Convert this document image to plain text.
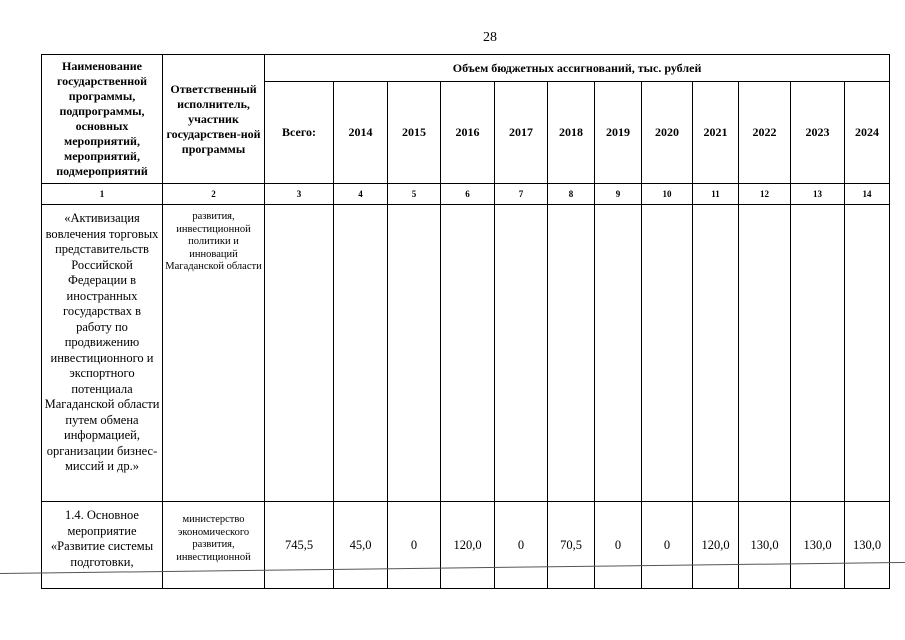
28
Наименование государственной программы, подпрограммы, основных мероприятий, мероприятий, подмероприятий	Ответственный исполнитель, участник государствен-ной программы	Объем бюджетных ассигнований, тыс. рублей											
		Всего:	2014	2015	2016	2017	2018	2019	2020	2021	2022	2023	2024
1	2	3	4	5	6	7	8	9	10	11	12	13	14
«Активизация вовлечения торговых представительств Российской Федерации в иностранных государствах в работу по продвижению инвестиционного и экспортного потенциала Магаданской области путем обмена информацией, организации бизнес-миссий и др.»	развития, инвестиционной политики и инноваций Магаданской области												
1.4. Основное мероприятие «Развитие системы подготовки,	министерство экономического развития, инвестиционной	745,5	45,0	0	120,0	0	70,5	0	0	120,0	130,0	130,0	130,0
